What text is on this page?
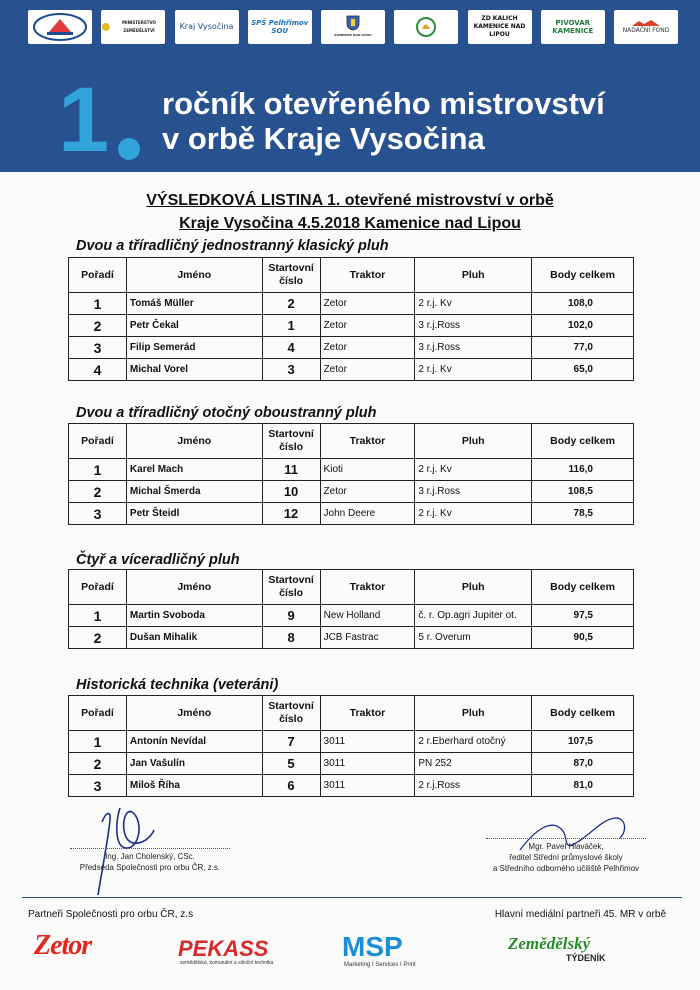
MINISTERSTVO ZEMĚDĚLSTVÍ	Kraj Vysočina	SPŠ Pelhřimov SOU	KAMENICE NAD LIPOU
ZD KALICH KAMENICE NAD LIPOU
PIVOVAR KAMENICE	NADAČNÍ FOND
1 ročník otevřeného mistrovství
v orbě Kraje Vysočina
VÝSLEDKOVÁ LISTINA 1. otevřené mistrovství v orbě
Kraje Vysočina 4.5.2018 Kamenice nad Lipou
Dvou a tříradličný jednostranný klasický pluh
Pořadí	Jméno	Startovní
číslo	Traktor	Pluh	Body celkem
1	Tomáš Müller	2	Zetor	2 r.j. Kv	108,0
2	Petr Čekal	1	Zetor	3 r.j.Ross	102,0
3	Filip Semerád	4	Zetor	3 r.j.Ross	77,0
4	Michal Vorel	3	Zetor	2 r.j. Kv	65,0
Dvou a tříradličný otočný oboustranný pluh
Pořadí	Jméno	Startovní
číslo	Traktor	Pluh	Body celkem
1	Karel Mach	11	Kioti	2 r.j. Kv	116,0
2	Michal Šmerda	10	Zetor	3 r.j.Ross	108,5
3	Petr Šteidl	12	John Deere	2 r.j. Kv	78,5
Čtyř a víceradličný pluh
Pořadí	Jméno	Startovní
číslo	Traktor	Pluh	Body celkem
1	Martin Svoboda	9	New Holland	č. r. Op.agri Jupiter ot.	97,5
2	Dušan Mihalik	8	JCB Fastrac	5 r. Overum	90,5
Historická technika (veteráni)
Pořadí	Jméno	Startovní
číslo	Traktor	Pluh	Body celkem
1	Antonín Nevídal	7	3011	2 r.Eberhard otočný	107,5
2	Jan Vašulín	5	3011	PN 252	87,0
3	Miloš Říha	6	3011	2 r.j.Ross	81,0
Ing. Jan Cholenský, CSc.
Předseda Společnosti pro orbu ČR, z.s.
Mgr. Pavel Hlaváček,
ředitel Střední průmyslové školy
a Středního odborného učiliště Pelhřimov
Partneři Společnosti pro orbu ČR, z.s	Hlavní mediální partneři 45. MR v orbě
Zetor	PEKASS
zemědělská, komunální a silniční technika
MSP
Marketing I Services I Print
Zemědělský
TÝDENÍK
